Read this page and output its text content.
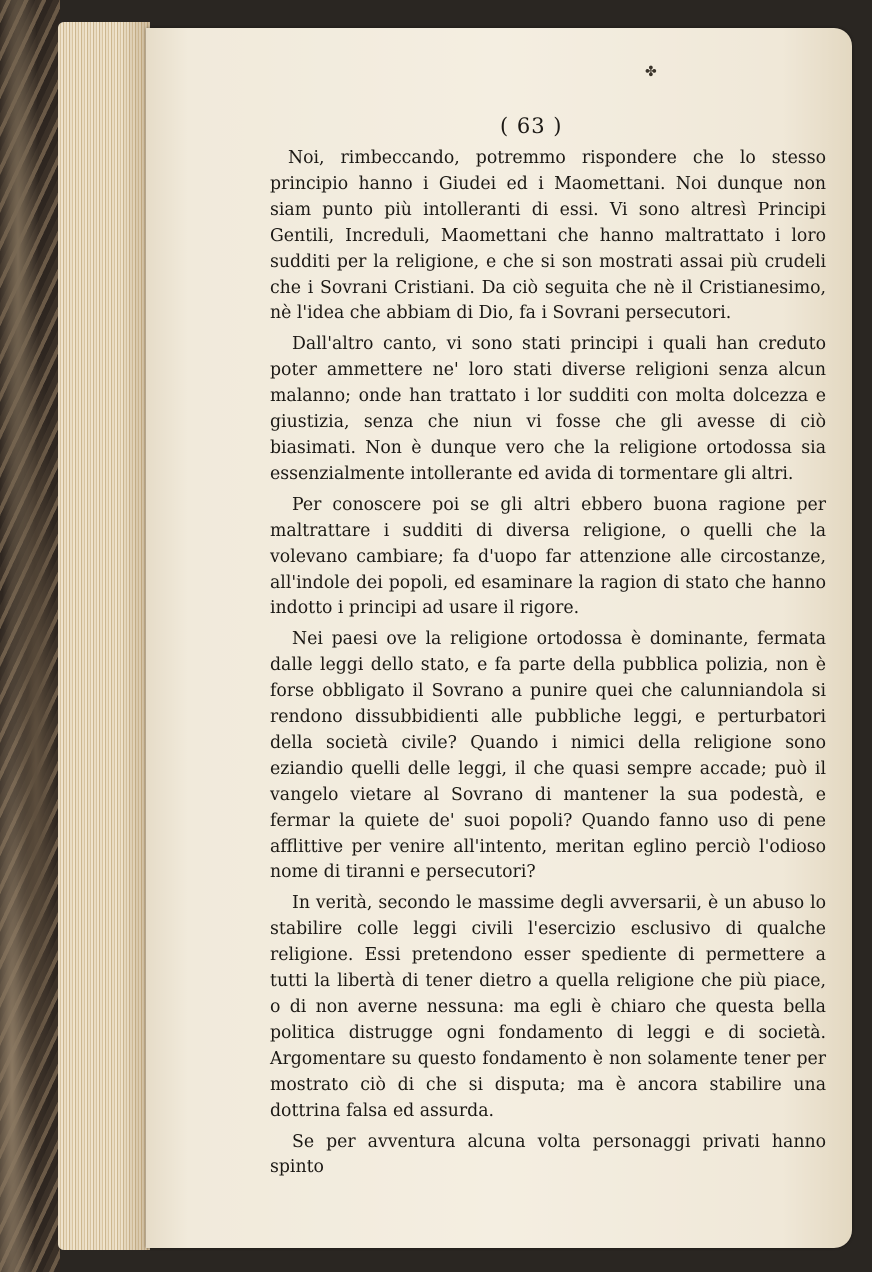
✤
( 63 )

Noi, rimbeccando, potremmo rispondere che lo stesso principio hanno i Giudei ed i Maomettani. Noi dunque non siam punto più intolleranti di essi. Vi sono altresì Principi Gentili, Increduli, Maomettani che hanno maltrattato i loro sudditi per la religione, e che si son mostrati assai più crudeli che i Sovrani Cristiani. Da ciò seguita che nè il Cristianesimo, nè l'idea che abbiam di Dio, fa i Sovrani persecutori.

Dall'altro canto, vi sono stati principi i quali han creduto poter ammettere ne' loro stati diverse religioni senza alcun malanno; onde han trattato i lor sudditi con molta dolcezza e giustizia, senza che niun vi fosse che gli avesse di ciò biasimati. Non è dunque vero che la religione ortodossa sia essenzialmente intollerante ed avida di tormentare gli altri.

Per conoscere poi se gli altri ebbero buona ragione per maltrattare i sudditi di diversa religione, o quelli che la volevano cambiare; fa d'uopo far attenzione alle circostanze, all'indole dei popoli, ed esaminare la ragion di stato che hanno indotto i principi ad usare il rigore.

Nei paesi ove la religione ortodossa è dominante, fermata dalle leggi dello stato, e fa parte della pubblica polizia, non è forse obbligato il Sovrano a punire quei che calunniandola si rendono dissubbidienti alle pubbliche leggi, e perturbatori della società civile? Quando i nimici della religione sono eziandio quelli delle leggi, il che quasi sempre accade; può il vangelo vietare al Sovrano di mantener la sua podestà, e fermar la quiete de' suoi popoli? Quando fanno uso di pene afflittive per venire all'intento, meritan eglino perciò l'odioso nome di tiranni e persecutori?

In verità, secondo le massime degli avversarii, è un abuso lo stabilire colle leggi civili l'esercizio esclusivo di qualche religione. Essi pretendono esser spediente di permettere a tutti la libertà di tener dietro a quella religione che più piace, o di non averne nessuna: ma egli è chiaro che questa bella politica distrugge ogni fondamento di leggi e di società. Argomentare su questo fondamento è non solamente tener per mostrato ciò di che si disputa; ma è ancora stabilire una dottrina falsa ed assurda.

Se per avventura alcuna volta personaggi privati hanno spinto
